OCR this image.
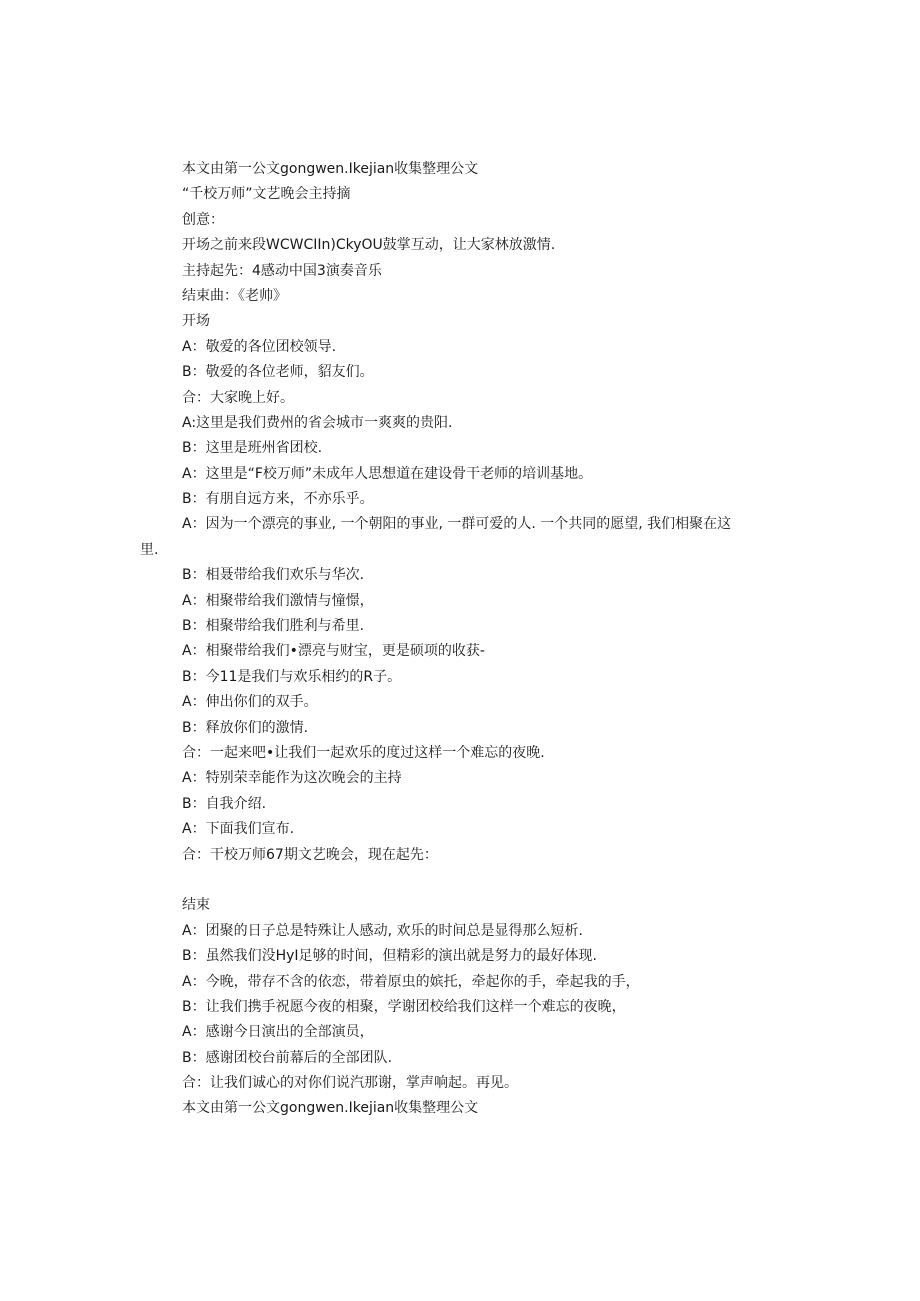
本文由第一公文gongwen.Ikejian收集整理公文
“千校万师”文艺晚会主持摘
创意：
开场之前来段WCWCIIn)CkyOU鼓掌互动，让大家林放激情.
主持起先：4感动中国3演奏音乐
结束曲：《老帅》
开场
A：敬爱的各位团校领导.
B：敬爱的各位老师，貂友们。
合：大家晚上好。
A:这里是我们费州的省会城市一爽爽的贵阳.
B：这里是班州省团校.
A：这里是“F校万师”未成年人思想道在建设骨干老师的培训基地。
B：有朋自远方来，不亦乐乎。
A：因为一个漂亮的事业, 一个朝阳的事业, 一群可爱的人. 一个共同的愿望, 我们相聚在这
里.
B：相聂带给我们欢乐与华次.
A：相聚带给我们激情与憧憬，
B：相聚带给我们胜利与希里.
A：相聚带给我们•漂亮与财宝，更是硕项的收获-
B：今11是我们与欢乐相约的R子。
A：伸出你们的双手。
B：释放你们的激情.
合：一起来吧•让我们一起欢乐的度过这样一个难忘的夜晚.
A：特别荣幸能作为这次晚会的主持
B：自我介绍.
A：下面我们宣布.
合：干校万师67期文艺晚会，现在起先：
结束
A：团聚的日子总是特殊让人感动, 欢乐的时间总是显得那么短析.
B：虽然我们没HyI足够的时间，但精彩的演出就是努力的最好体现.
A：今晚，带存不含的依恋，带着原虫的嫔托，牵起你的手，牵起我的手，
B：让我们携手祝愿今夜的相聚，学谢团校给我们这样一个难忘的夜晚，
A：感谢今日演出的全部演员，
B：感谢团校台前幕后的全部团队.
合：让我们诚心的对你们说汽那谢，掌声响起。再见。
本文由第一公文gongwen.Ikejian收集整理公文
